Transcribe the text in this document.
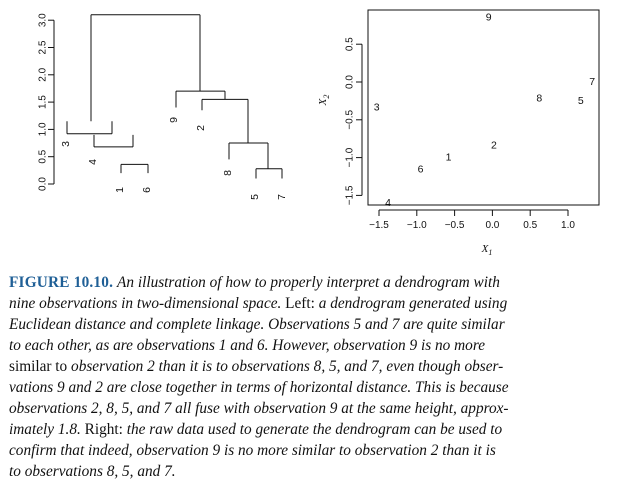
0.0
0.5
1.0
1.5
2.0
2.5
3.0
3
4
1 6
9
2
8
5 7
−1.5 −1.0 −0.5 0.0 0.5 1.0
$X_1$
−1.5
−1.0
−0.5
0.0
0.5
$X_2$
9
7
3
8	5
2
1
6
4
FIGURE 10.10. An illustration of how to properly interpret a dendrogram with
nine observations in two-dimensional space. Left: a dendrogram generated using
Euclidean distance and complete linkage. Observations 5 and 7 are quite similar
to each other, as are observations 1 and 6. However, observation 9 is no more
similar to observation 2 than it is to observations 8, 5, and 7, even though obser-
vations 9 and 2 are close together in terms of horizontal distance. This is because
observations 2, 8, 5, and 7 all fuse with observation 9 at the same height, approx-
imately 1.8. Right: the raw data used to generate the dendrogram can be used to
confirm that indeed, observation 9 is no more similar to observation 2 than it is
to observations 8, 5, and 7.
